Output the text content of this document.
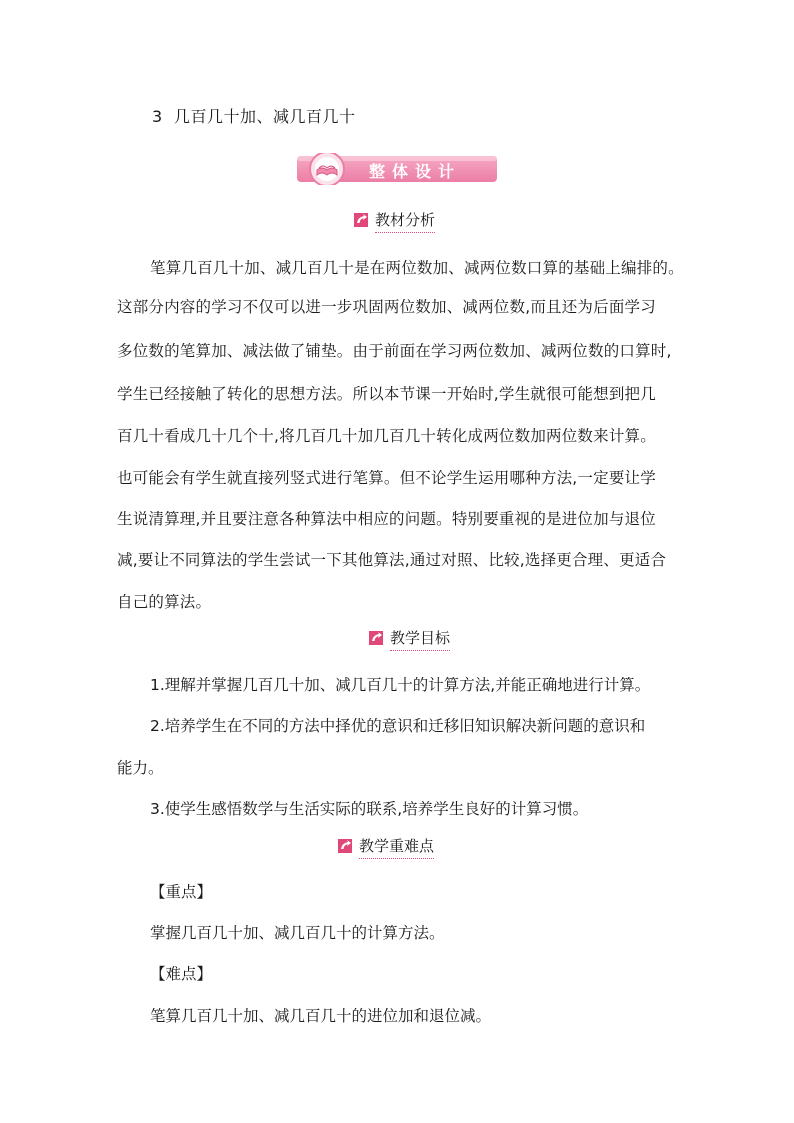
3 几百几十加、减几百几十
整体设计
教材分析
笔算几百几十加、减几百几十是在两位数加、减两位数口算的基础上编排的。
这部分内容的学习不仅可以进一步巩固两位数加、减两位数,而且还为后面学习
多位数的笔算加、减法做了铺垫。由于前面在学习两位数加、减两位数的口算时,
学生已经接触了转化的思想方法。所以本节课一开始时,学生就很可能想到把几
百几十看成几十几个十,将几百几十加几百几十转化成两位数加两位数来计算。
也可能会有学生就直接列竖式进行笔算。但不论学生运用哪种方法,一定要让学
生说清算理,并且要注意各种算法中相应的问题。特别要重视的是进位加与退位
减,要让不同算法的学生尝试一下其他算法,通过对照、比较,选择更合理、更适合
自己的算法。
教学目标
1.理解并掌握几百几十加、减几百几十的计算方法,并能正确地进行计算。
2.培养学生在不同的方法中择优的意识和迁移旧知识解决新问题的意识和
能力。
3.使学生感悟数学与生活实际的联系,培养学生良好的计算习惯。
教学重难点
【重点】
掌握几百几十加、减几百几十的计算方法。
【难点】
笔算几百几十加、减几百几十的进位加和退位减。
